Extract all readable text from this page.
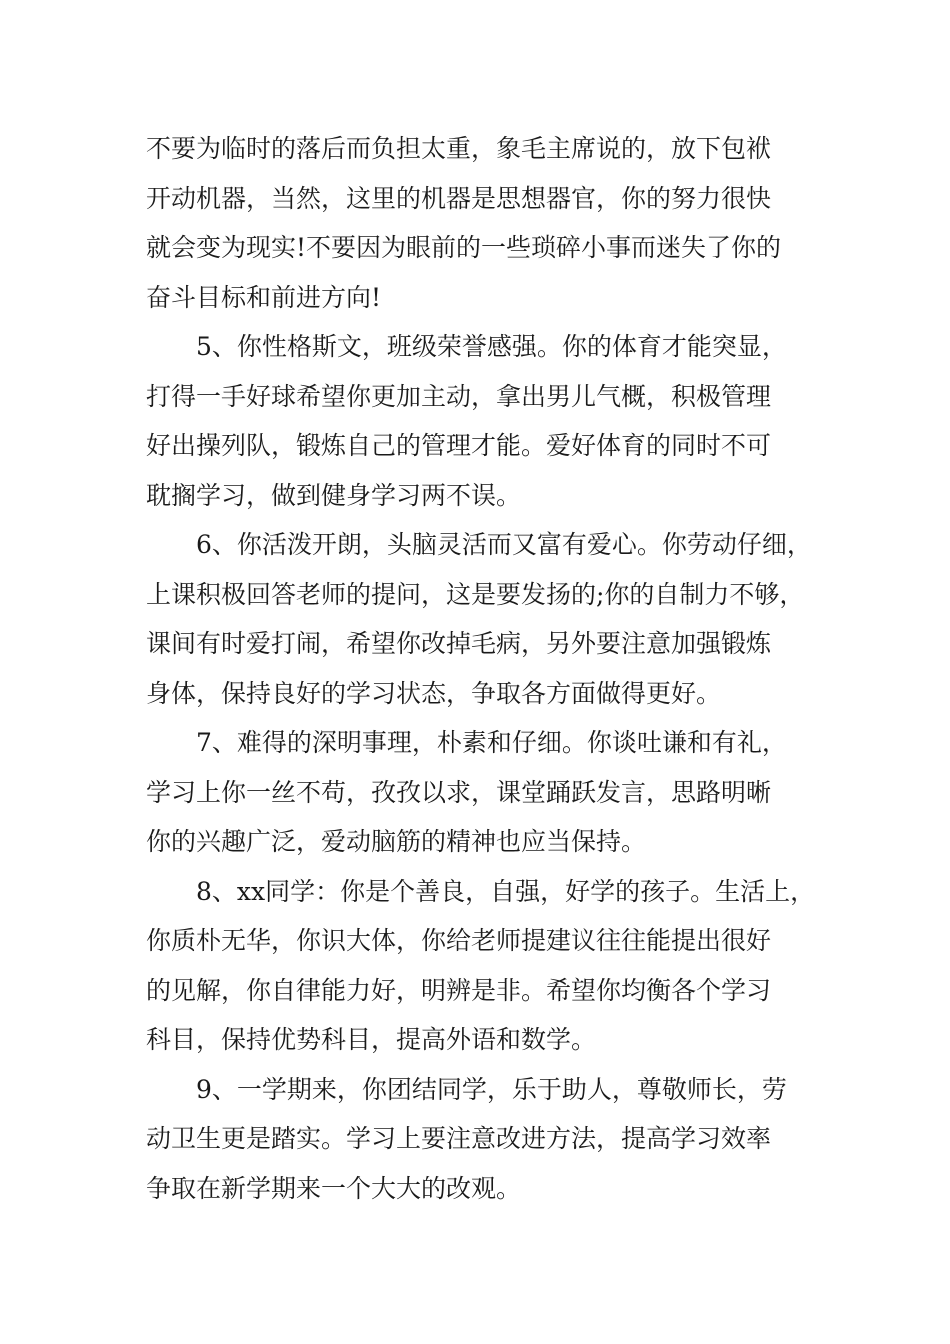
不要为临时的落后而负担太重，象毛主席说的，放下包袱
开动机器，当然，这里的机器是思想器官，你的努力很快
就会变为现实!不要因为眼前的一些琐碎小事而迷失了你的
奋斗目标和前进方向!
5、你性格斯文，班级荣誉感强。你的体育才能突显，
打得一手好球希望你更加主动，拿出男儿气概，积极管理
好出操列队，锻炼自己的管理才能。爱好体育的同时不可
耽搁学习，做到健身学习两不误。
6、你活泼开朗，头脑灵活而又富有爱心。你劳动仔细，
上课积极回答老师的提问，这是要发扬的;你的自制力不够，
课间有时爱打闹，希望你改掉毛病，另外要注意加强锻炼
身体，保持良好的学习状态，争取各方面做得更好。
7、难得的深明事理，朴素和仔细。你谈吐谦和有礼，
学习上你一丝不苟，孜孜以求，课堂踊跃发言，思路明晰
你的兴趣广泛，爱动脑筋的精神也应当保持。
8、xx同学：你是个善良，自强，好学的孩子。生活上，
你质朴无华，你识大体，你给老师提建议往往能提出很好
的见解，你自律能力好，明辨是非。希望你均衡各个学习
科目，保持优势科目，提高外语和数学。
9、一学期来，你团结同学，乐于助人，尊敬师长，劳
动卫生更是踏实。学习上要注意改进方法，提高学习效率
争取在新学期来一个大大的改观。
